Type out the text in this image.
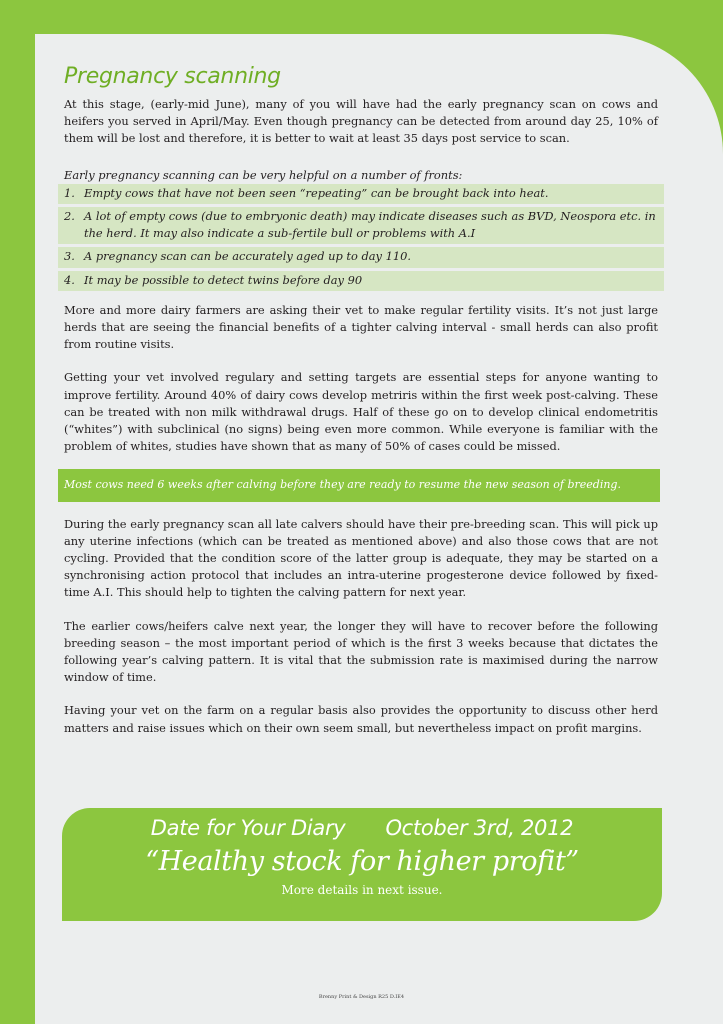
Pregnancy scanning

At this stage, (early-mid June), many of you will have had the early pregnancy scan on cows and heifers you served in April/May. Even though pregnancy can be detected from around day 25, 10% of them will be lost and therefore, it is better to wait at least 35 days post service to scan.

Early pregnancy scanning can be very helpful on a number of fronts:

1. Empty cows that have not been seen “repeating” can be brought back into heat.
2. A lot of empty cows (due to embryonic death) may indicate diseases such as BVD, Neospora etc. in the herd. It may also indicate a sub-fertile bull or problems with A.I
3. A pregnancy scan can be accurately aged up to day 110.
4. It may be possible to detect twins before day 90

More and more dairy farmers are asking their vet to make regular fertility visits. It’s not just large herds that are seeing the financial benefits of a tighter calving interval - small herds can also profit from routine visits.

Getting your vet involved regulary and setting targets are essential steps for anyone wanting to improve fertility. Around 40% of dairy cows develop metriris within the first week post-calving. These can be treated with non milk withdrawal drugs. Half of these go on to develop clinical endometritis (“whites”) with subclinical (no signs) being even more common. While everyone is familiar with the problem of whites, studies have shown that as many of 50% of cases could be missed.

Most cows need 6 weeks after calving before they are ready to resume the new season of breeding.

During the early pregnancy scan all late calvers should have their pre-breeding scan. This will pick up any uterine infections (which can be treated as mentioned above) and also those cows that are not cycling. Provided that the condition score of the latter group is adequate, they may be started on a synchronising action protocol that includes an intra-uterine progesterone device followed by fixed-time A.I. This should help to tighten the calving pattern for next year.

The earlier cows/heifers calve next year, the longer they will have to recover before the following breeding season – the most important period of which is the first 3 weeks because that dictates the following year’s calving pattern. It is vital that the submission rate is maximised during the narrow window of time.

Having your vet on the farm on a regular basis also provides the opportunity to discuss other herd matters and raise issues which on their own seem small, but nevertheless impact on profit margins.

Date for Your Diary October 3rd, 2012
“Healthy stock for higher profit”
More details in next issue.
Brenny Print & Design R25 D.IE4
